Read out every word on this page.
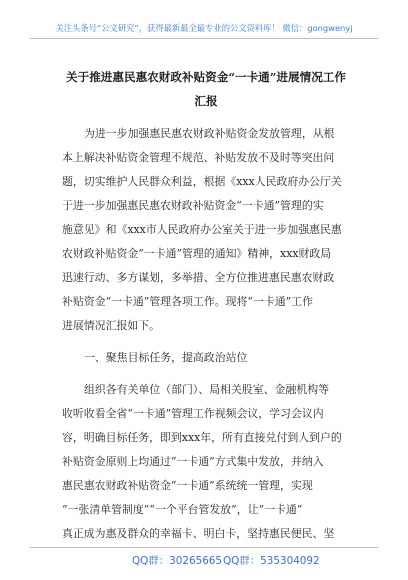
关注头条号“公文研究”，获得最新最全最专业的公文资料库！ 微信：gongwenyj
关于推进惠民惠农财政补贴资金“一卡通”进展情况工作
汇报
为进一步加强惠民惠农财政补贴资金发放管理，从根
本上解决补贴资金管理不规范、补贴发放不及时等突出问
题，切实维护人民群众利益，根据《xxx人民政府办公厅关
于进一步加强惠民惠农财政补贴资金“一卡通”管理的实
施意见》和《xxx市人民政府办公室关于进一步加强惠民惠
农财政补贴资金“一卡通”管理的通知》精神，xxx财政局
迅速行动、多方谋划，多举措、全方位推进惠民惠农财政
补贴资金“一卡通”管理各项工作。现将“一卡通”工作
进展情况汇报如下。
一、聚焦目标任务，提高政治站位
组织各有关单位（部门）、局相关股室、金融机构等
收听收看全省“一卡通”管理工作视频会议，学习会议内
容，明确目标任务，即到xxx年，所有直接兑付到人到户的
补贴资金原则上均通过“一卡通”方式集中发放，并纳入
惠民惠农财政补贴资金“一卡通”系统统一管理，实现
“一张清单管制度”“一个平台管发放”，让“一卡通”
真正成为惠及群众的幸福卡、明白卡，坚持惠民便民、坚
QQ群：30265665 QQ群：535304092
